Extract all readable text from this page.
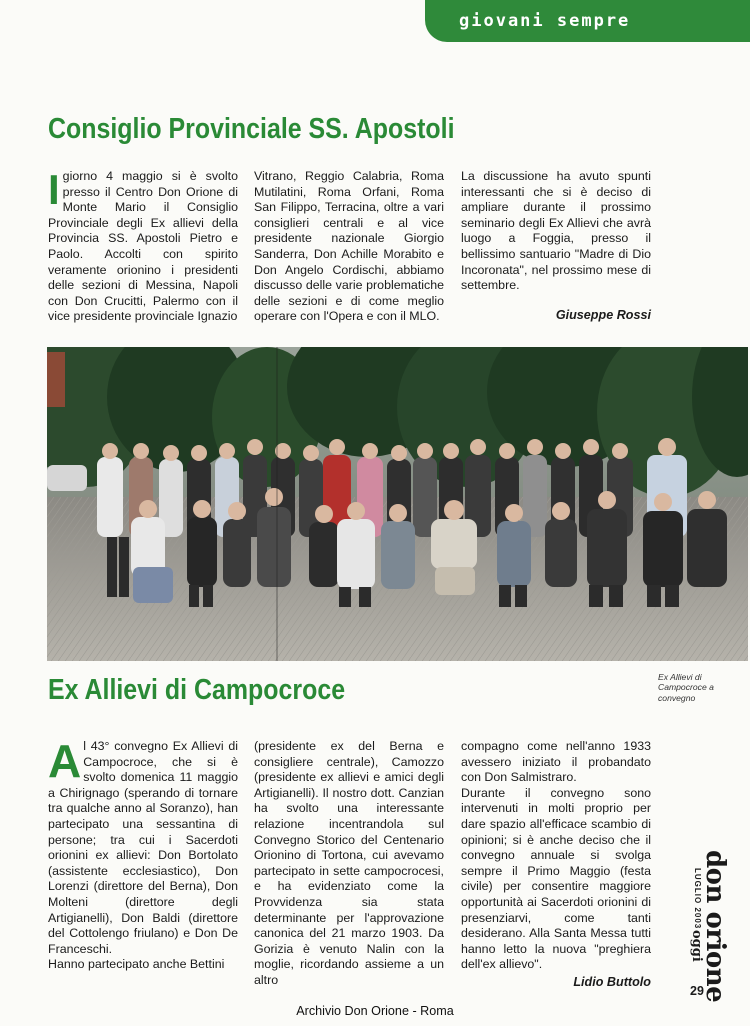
giovani sempre
Consiglio Provinciale SS. Apostoli

I giorno 4 maggio si è svolto presso il Centro Don Orione di Monte Mario il Consiglio Provinciale degli Ex allievi della Provincia SS. Apostoli Pietro e Paolo. Accolti con spirito veramente orionino i presidenti delle sezioni di Messina, Napoli con Don Crucitti, Palermo con il vice presidente provinciale Ignazio

Vitrano, Reggio Calabria, Roma Mutilatini, Roma Orfani, Roma San Filippo, Terracina, oltre a vari consiglieri centrali e al vice presidente nazionale Giorgio Sanderra, Don Achille Morabito e Don Angelo Cordischi, abbiamo discusso delle varie problematiche delle sezioni e di come meglio operare con l'Opera e con il MLO.

La discussione ha avuto spunti interessanti che si è deciso di ampliare durante il prossimo seminario degli Ex Allievi che avrà luogo a Foggia, presso il bellissimo santuario "Madre di Dio Incoronata", nel prossimo mese di settembre.

Giuseppe Rossi
Ex Allievi di Campocroce a convegno
Ex Allievi di Campocroce

Al 43° convegno Ex Allievi di Campocroce, che si è svolto domenica 11 maggio a Chirignago (sperando di tornare tra qualche anno al Soranzo), han partecipato una sessantina di persone; tra cui i Sacerdoti orionini ex allievi: Don Bortolato (assistente ecclesiastico), Don Lorenzi (direttore del Berna), Don Molteni (direttore degli Artigianelli), Don Baldi (direttore del Cottolengo friulano) e Don De Franceschi.

Hanno partecipato anche Bettini

(presidente ex del Berna e consigliere centrale), Camozzo (presidente ex allievi e amici degli Artigianelli). Il nostro dott. Canzian ha svolto una interessante relazione incentrandola sul Convegno Storico del Centenario Orionino di Tortona, cui avevamo partecipato in sette campocrocesi, e ha evidenziato come la Provvidenza sia stata determinante per l'approvazione canonica del 21 marzo 1903. Da Gorizia è venuto Nalin con la moglie, ricordando assieme a un altro

compagno come nell'anno 1933 avessero iniziato il probandato con Don Salmistraro.

Durante il convegno sono intervenuti in molti proprio per dare spazio all'efficace scambio di opinioni; si è anche deciso che il convegno annuale si svolga sempre il Primo Maggio (festa civile) per consentire maggiore opportunità ai Sacerdoti orionini di presenziarvi, come tanti desiderano. Alla Santa Messa tutti hanno letto la nuova "preghiera dell'ex allievo".

Lidio Buttolo don orione
LUGLIO 2003
oggi
29
Archivio Don Orione - Roma
